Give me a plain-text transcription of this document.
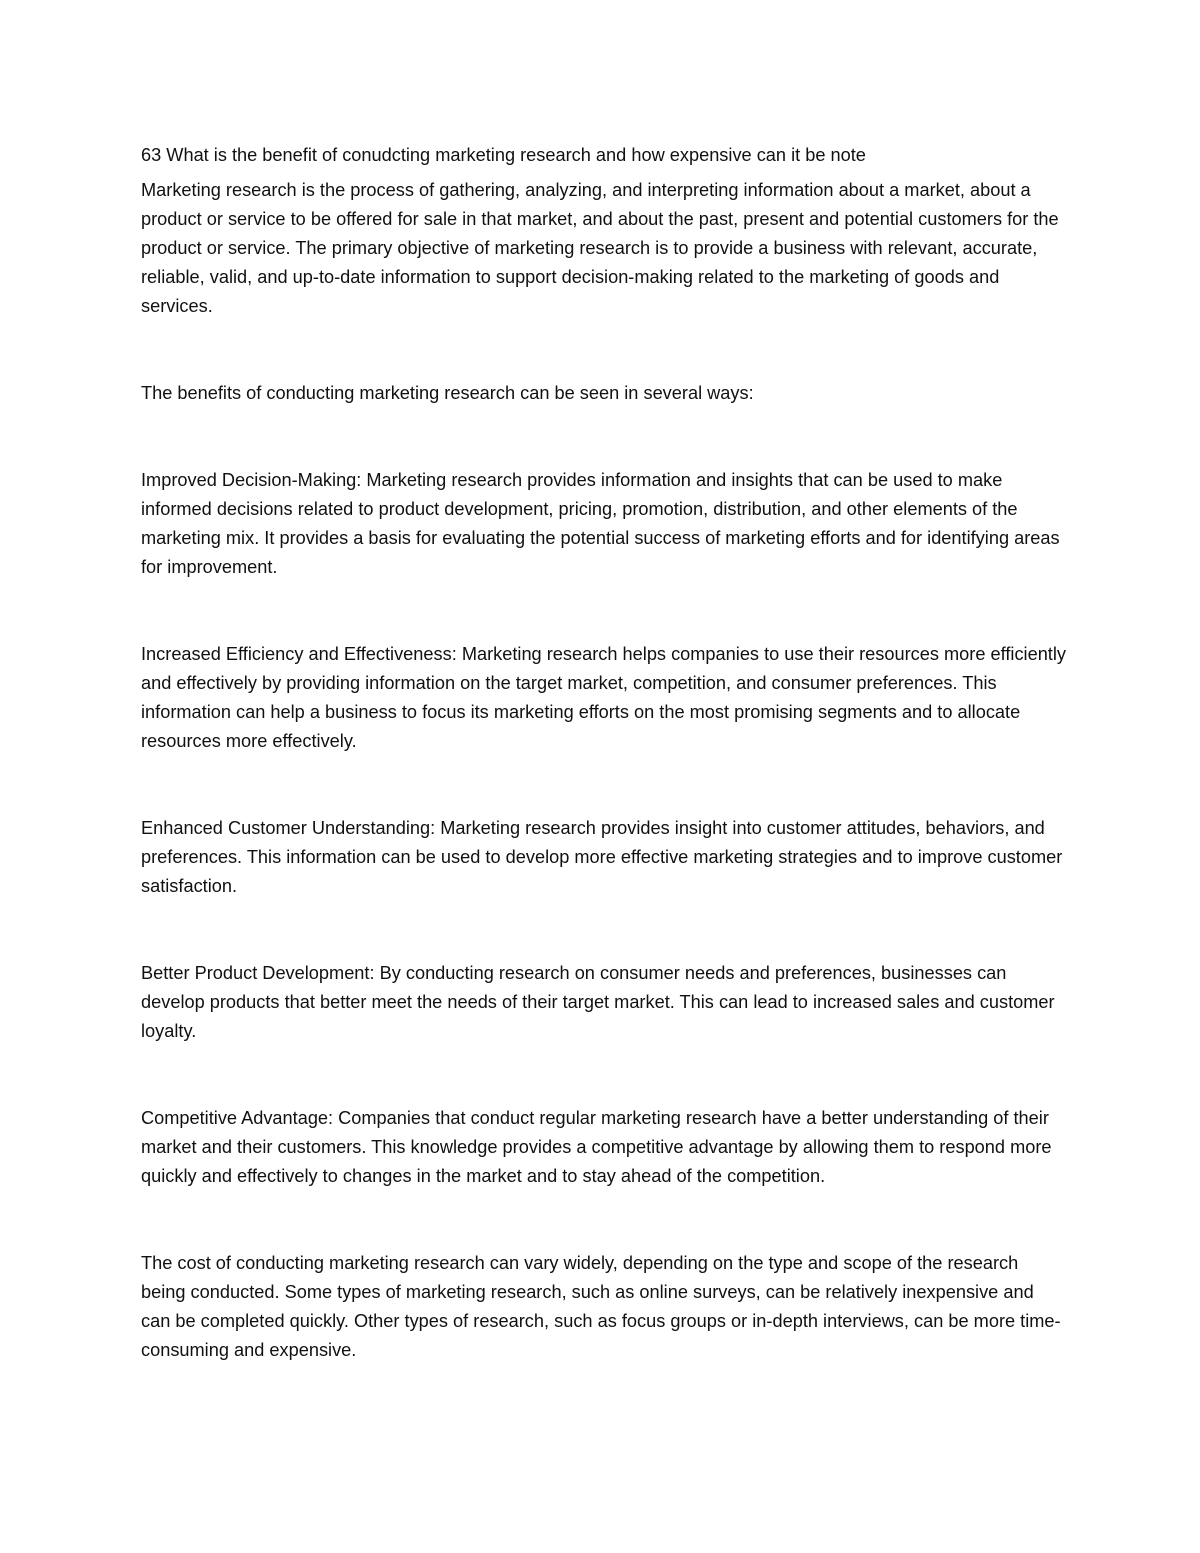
63 What is the benefit of conudcting marketing research and how expensive can it be note

Marketing research is the process of gathering, analyzing, and interpreting information about a market, about a product or service to be offered for sale in that market, and about the past, present and potential customers for the product or service. The primary objective of marketing research is to provide a business with relevant, accurate, reliable, valid, and up-to-date information to support decision-making related to the marketing of goods and services.

The benefits of conducting marketing research can be seen in several ways:

Improved Decision-Making: Marketing research provides information and insights that can be used to make informed decisions related to product development, pricing, promotion, distribution, and other elements of the marketing mix. It provides a basis for evaluating the potential success of marketing efforts and for identifying areas for improvement.

Increased Efficiency and Effectiveness: Marketing research helps companies to use their resources more efficiently and effectively by providing information on the target market, competition, and consumer preferences. This information can help a business to focus its marketing efforts on the most promising segments and to allocate resources more effectively.

Enhanced Customer Understanding: Marketing research provides insight into customer attitudes, behaviors, and preferences. This information can be used to develop more effective marketing strategies and to improve customer satisfaction.

Better Product Development: By conducting research on consumer needs and preferences, businesses can develop products that better meet the needs of their target market. This can lead to increased sales and customer loyalty.

Competitive Advantage: Companies that conduct regular marketing research have a better understanding of their market and their customers. This knowledge provides a competitive advantage by allowing them to respond more quickly and effectively to changes in the market and to stay ahead of the competition.

The cost of conducting marketing research can vary widely, depending on the type and scope of the research being conducted. Some types of marketing research, such as online surveys, can be relatively inexpensive and can be completed quickly. Other types of research, such as focus groups or in-depth interviews, can be more time-consuming and expensive.
